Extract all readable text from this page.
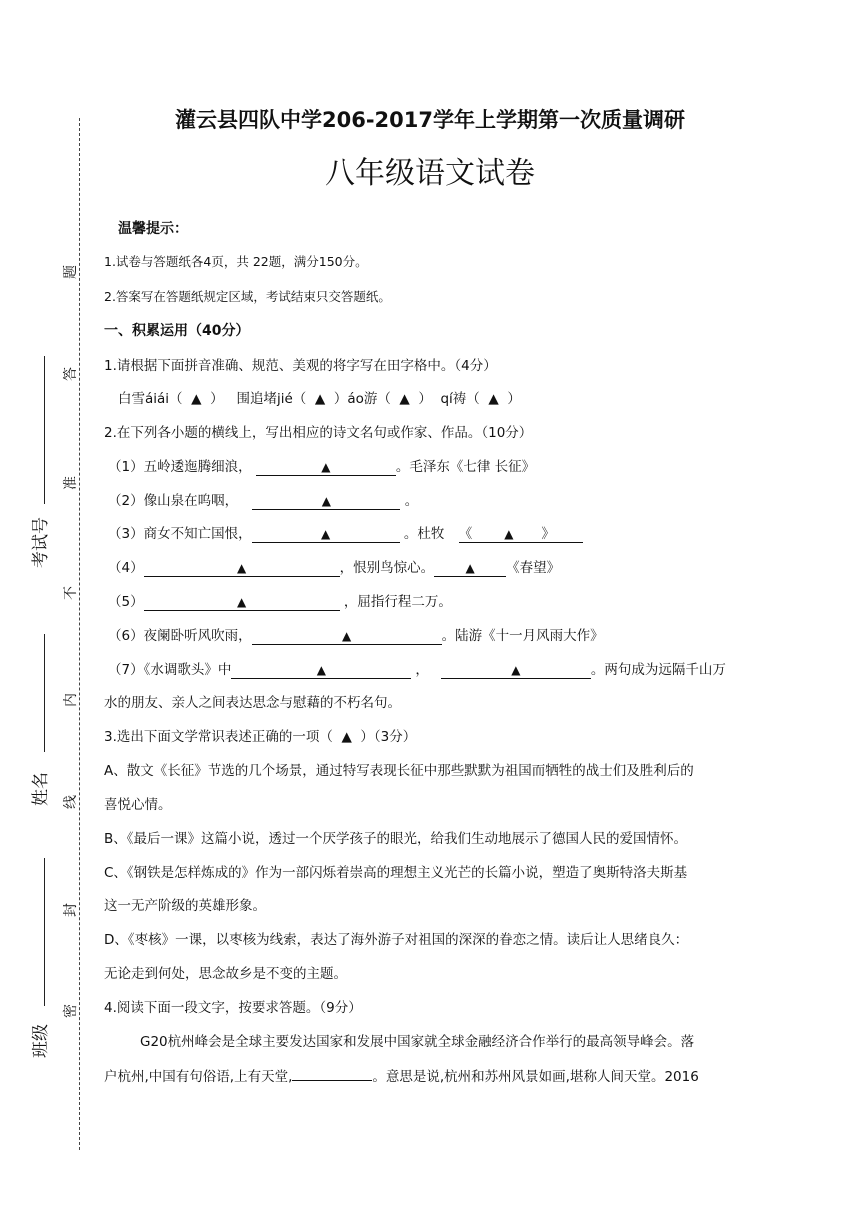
题
答
准
不
内
线
封
密
考试号
姓名
班级
灌云县四队中学206-2017学年上学期第一次质量调研
八年级语文试卷
温馨提示：
1.试卷与答题纸各4页，共 22题，满分150分。
2.答案写在答题纸规定区域，考试结束只交答题纸。
一、积累运用（40分）
1.请根据下面拼音准确、规范、美观的将字写在田字格中。（4分）
白雪áiái（  ▲  ）   围追堵jié（  ▲  ）áo游（  ▲  ）  qí祷（  ▲  ）
2.在下列各小题的横线上，写出相应的诗文名句或作家、作品。（10分）
（1）五岭逶迤腾细浪，	▲	。毛泽东《七律 长征》
（2）像山泉在呜咽，	▲	。
（3）商女不知亡国恨，	▲	。杜牧 《	▲ 》
（4）	▲	，恨别鸟惊心。	▲ 《春望》
（5）	▲	，屈指行程二万。
（6）夜阑卧听风吹雨，	▲	。陆游《十一月风雨大作》
（7）《水调歌头》中	▲	，	▲	。两句成为远隔千山万
水的朋友、亲人之间表达思念与慰藉的不朽名句。
3.选出下面文学常识表述正确的一项（  ▲  ）（3分）
A、散文《长征》节选的几个场景，通过特写表现长征中那些默默为祖国而牺牲的战士们及胜利后的
喜悦心情。
B、《最后一课》这篇小说，透过一个厌学孩子的眼光，给我们生动地展示了德国人民的爱国情怀。
C、《钢铁是怎样炼成的》作为一部闪烁着崇高的理想主义光芒的长篇小说，塑造了奥斯特洛夫斯基
这一无产阶级的英雄形象。
D、《枣核》一课，以枣核为线索，表达了海外游子对祖国的深深的眷恋之情。读后让人思绪良久：
无论走到何处，思念故乡是不变的主题。
4.阅读下面一段文字，按要求答题。（9分）
G20杭州峰会是全球主要发达国家和发展中国家就全球金融经济合作举行的最高领导峰会。落
户杭州,中国有句俗语,上有天堂,	。意思是说,杭州和苏州风景如画,堪称人间天堂。2016
